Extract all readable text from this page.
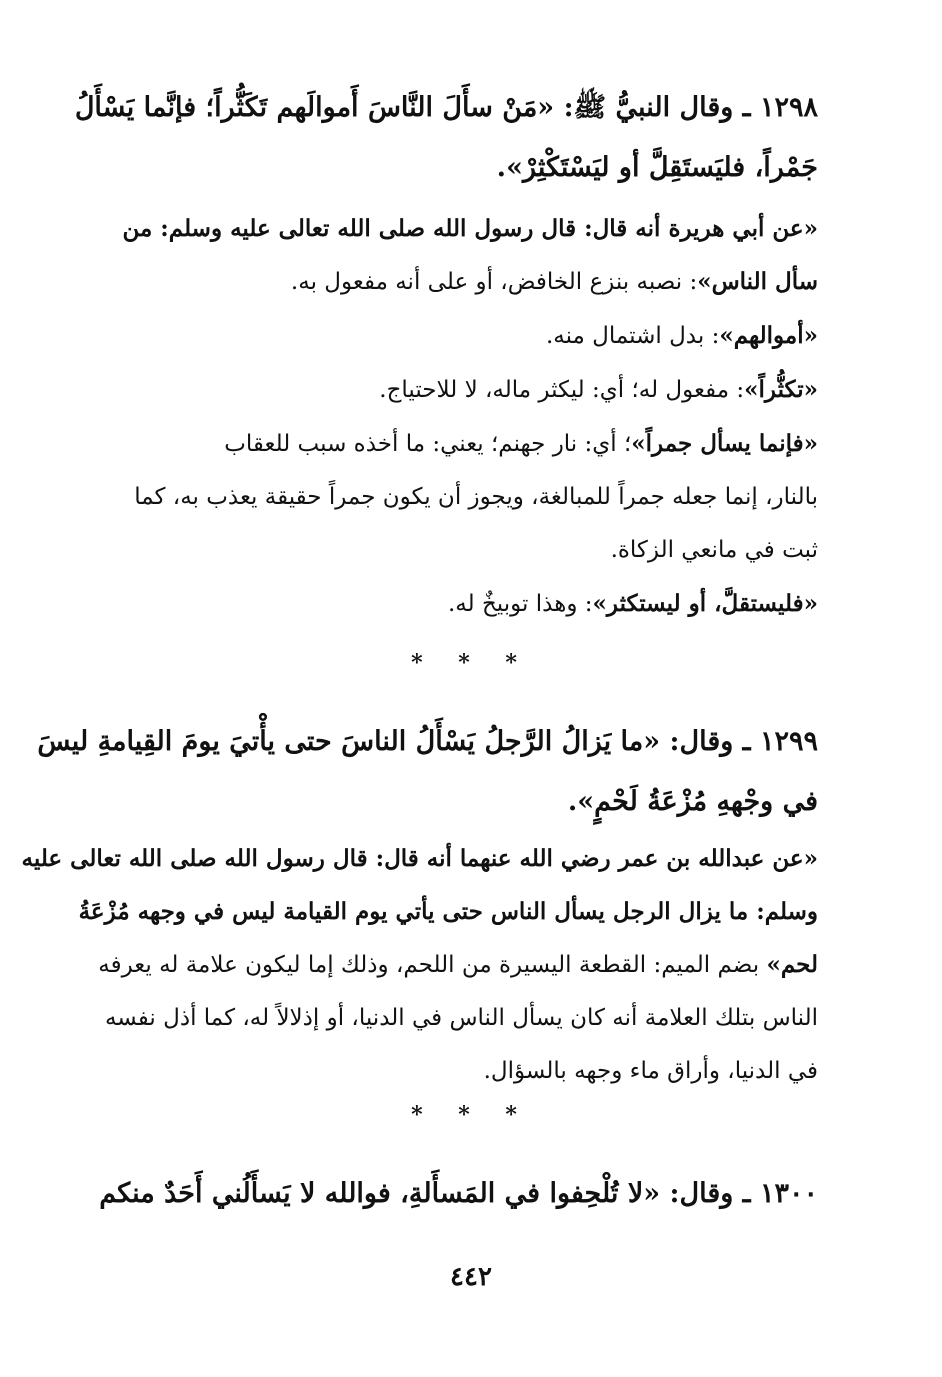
١٢٩٨ ـ وقال النبيُّ ﷺ: «مَنْ سأَلَ النَّاسَ أَموالَهم تَكَثُّراً؛ فإنَّما يَسْأَلُ
جَمْراً، فليَستَقِلَّ أو ليَسْتَكْثِرْ».
«عن أبي هريرة أنه قال: قال رسول الله صلى الله تعالى عليه وسلم: من
سأل الناس»: نصبه بنزع الخافض، أو على أنه مفعول به.
«أموالهم»: بدل اشتمال منه.
«تكثُّراً»: مفعول له؛ أي: ليكثر ماله، لا للاحتياج.
«فإنما يسأل جمراً»؛ أي: نار جهنم؛ يعني: ما أخذه سبب للعقاب
بالنار، إنما جعله جمراً للمبالغة، ويجوز أن يكون جمراً حقيقة يعذب به، كما
ثبت في مانعي الزكاة.
«فليستقلَّ، أو ليستكثر»: وهذا توبيخٌ له.
* * *
١٢٩٩ ـ وقال: «ما يَزالُ الرَّجلُ يَسْأَلُ الناسَ حتى يأْتيَ يومَ القِيامةِ ليسَ
في وجْههِ مُزْعَةُ لَحْمٍ».
«عن عبدالله بن عمر رضي الله عنهما أنه قال: قال رسول الله صلى الله تعالى عليه
وسلم: ما يزال الرجل يسأل الناس حتى يأتي يوم القيامة ليس في وجهه مُزْعَةُ
لحم» بضم الميم: القطعة اليسيرة من اللحم، وذلك إما ليكون علامة له يعرفه
الناس بتلك العلامة أنه كان يسأل الناس في الدنيا، أو إذلالاً له، كما أذل نفسه
في الدنيا، وأراق ماء وجهه بالسؤال.
* * *
١٣٠٠ ـ وقال: «لا تُلْحِفوا في المَسأَلةِ، فوالله لا يَسأَلُني أَحَدٌ منكم
٤٤٢
